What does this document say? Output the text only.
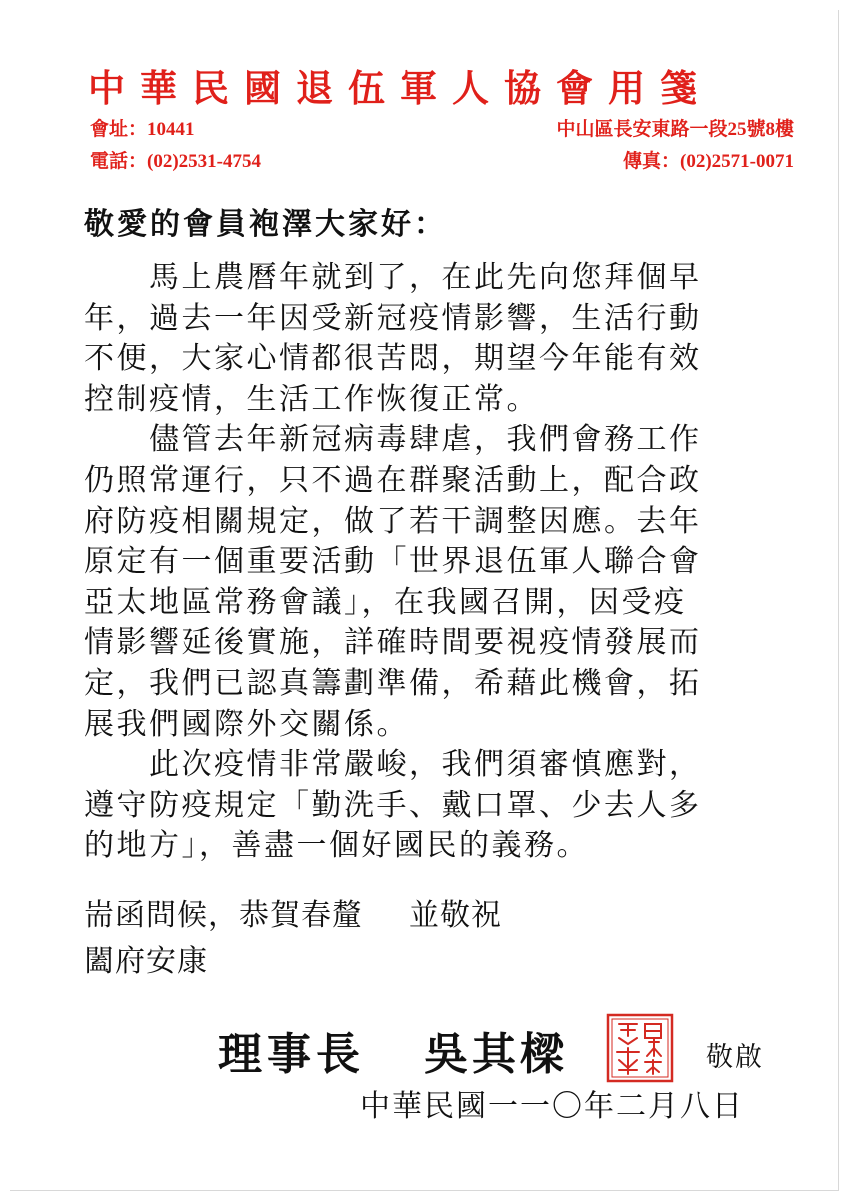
中華民國退伍軍人協會用箋
會址：10441	中山區長安東路一段25號8樓
電話：(02)2531-4754	傳真：(02)2571-0071
敬愛的會員袍澤大家好：
　　馬上農曆年就到了，在此先向您拜個早
年，過去一年因受新冠疫情影響，生活行動
不便，大家心情都很苦悶，期望今年能有效
控制疫情，生活工作恢復正常。
　　儘管去年新冠病毒肆虐，我們會務工作
仍照常運行，只不過在群聚活動上，配合政
府防疫相關規定，做了若干調整因應。去年
原定有一個重要活動「世界退伍軍人聯合會
亞太地區常務會議」，在我國召開，因受疫
情影響延後實施，詳確時間要視疫情發展而
定，我們已認真籌劃準備，希藉此機會，拓
展我們國際外交關係。
　　此次疫情非常嚴峻，我們須審慎應對，
遵守防疫規定「勤洗手、戴口罩、少去人多
的地方」，善盡一個好國民的義務。
耑函問候，恭賀春釐 並敬祝
闔府安康
理事長 吳其樑	敬啟
中華民國一一〇年二月八日
